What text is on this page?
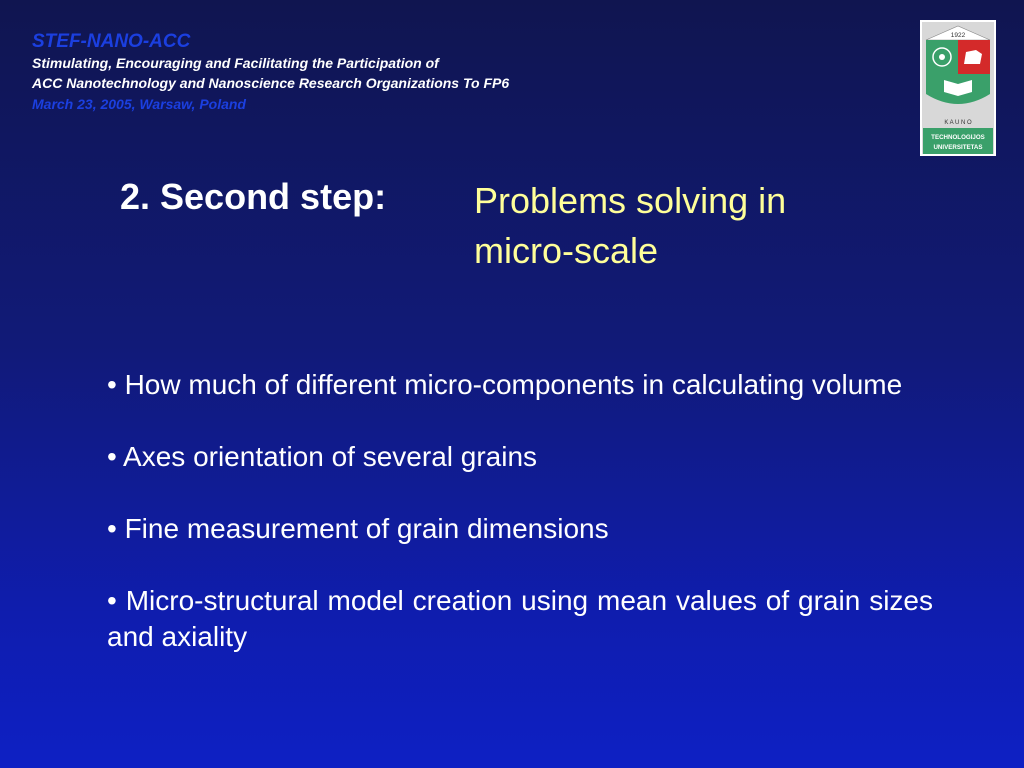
STEF-NANO-ACC
Stimulating, Encouraging and Facilitating the Participation of
ACC Nanotechnology and Nanoscience Research Organizations To FP6
March 23, 2005, Warsaw, Poland
1922
K A U N O
TECHNOLOGIJOS
UNIVERSITETAS
2. Second step: Problems solving in
micro-scale
• How much of different micro-components in calculating volume
• Axes orientation of several grains
• Fine measurement of grain dimensions
• Micro-structural model creation using mean values of grain sizes and axiality
